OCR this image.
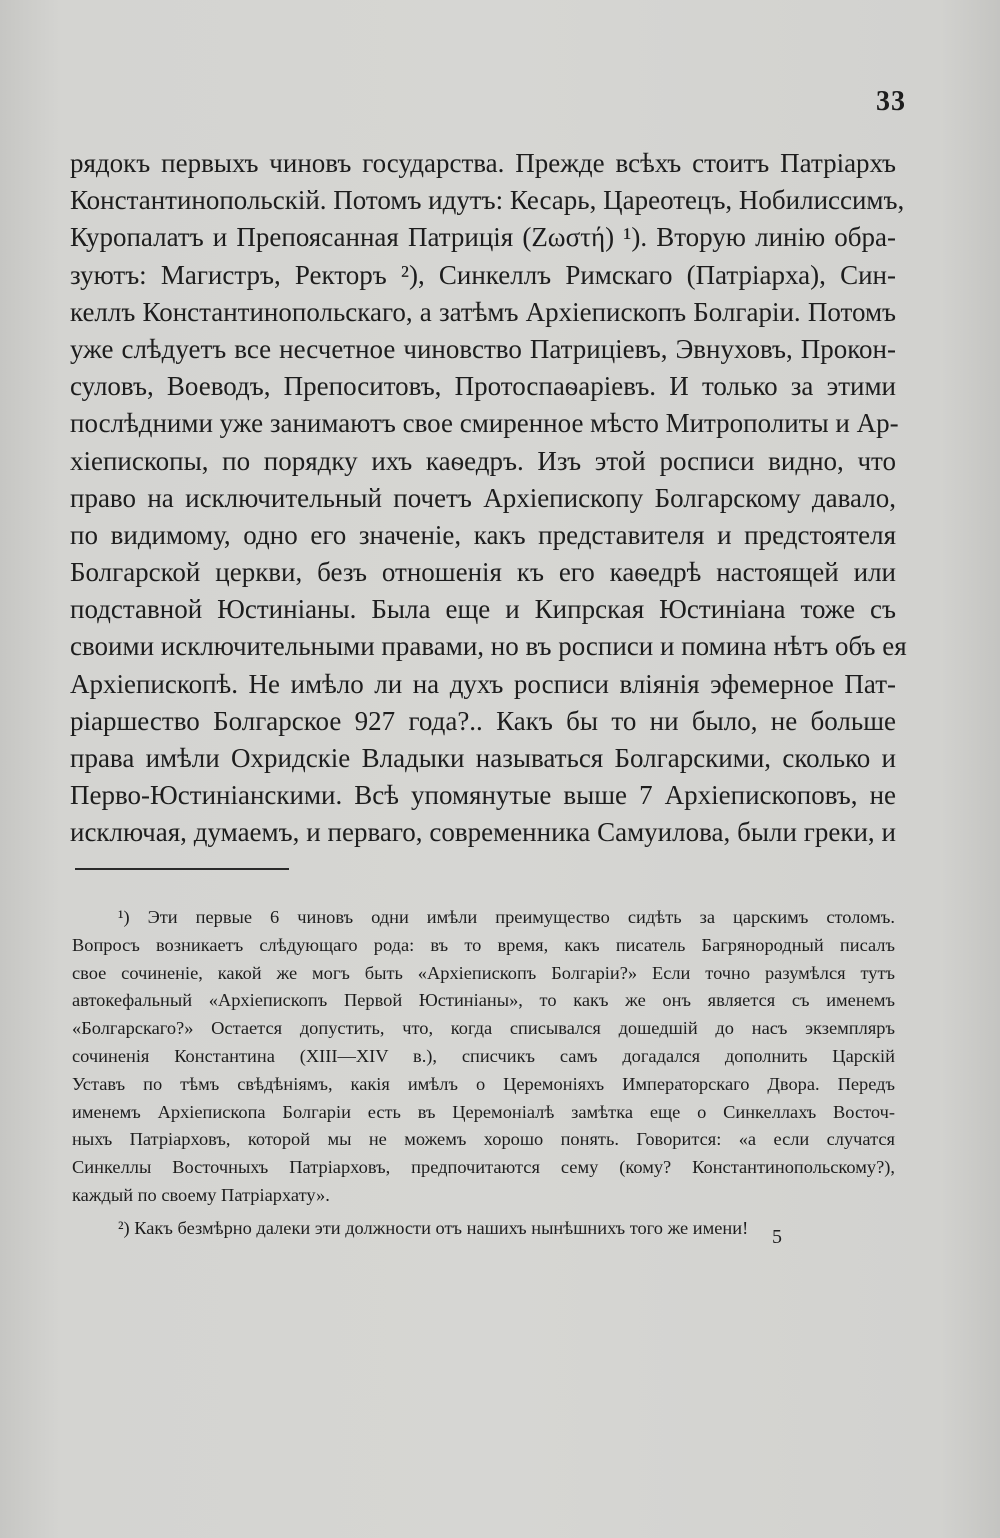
33
рядокъ первыхъ чиновъ государства. Прежде всѣхъ стоитъ Патріархъ
Константинопольскій. Потомъ идутъ: Кесарь, Цареотецъ, Нобилиссимъ,
Куропалатъ и Препоясанная Патриція (Ζωστή) ¹). Вторую линію обра-
зуютъ: Магистръ, Ректоръ ²), Синкеллъ Римскаго (Патріарха), Син-
келлъ Константинопольскаго, а затѣмъ Архіепископъ Болгаріи. Потомъ
уже слѣдуетъ все несчетное чиновство Патриціевъ, Эвнуховъ, Прокон-
суловъ, Воеводъ, Препоситовъ, Протоспаѳаріевъ. И только за этими
послѣдними уже занимаютъ свое смиренное мѣсто Митрополиты и Ар-
хіепископы, по порядку ихъ каѳедръ. Изъ этой росписи видно, что
право на исключительный почетъ Архіепископу Болгарскому давало,
по видимому, одно его значеніе, какъ представителя и предстоятеля
Болгарской церкви, безъ отношенія къ его каѳедрѣ настоящей или
подставной Юстиніаны. Была еще и Кипрская Юстиніана тоже съ
своими исключительными правами, но въ росписи и помина нѣтъ объ ея
Архіепископѣ. Не имѣло ли на духъ росписи вліянія эфемерное Пат-
ріаршество Болгарское 927 года?.. Какъ бы то ни было, не больше
права имѣли Охридскіе Владыки называться Болгарскими, сколько и
Перво-Юстиніанскими. Всѣ упомянутые выше 7 Архіепископовъ, не
исключая, думаемъ, и перваго, современника Самуилова, были греки, и
¹) Эти первые 6 чиновъ одни имѣли преимущество сидѣть за царскимъ столомъ.
Вопросъ возникаетъ слѣдующаго рода: въ то время, какъ писатель Багрянородный писалъ
свое сочиненіе, какой же могъ быть «Архіепископъ Болгаріи?» Если точно разумѣлся тутъ
автокефальный «Архіепископъ Первой Юстиніаны», то какъ же онъ является съ именемъ
«Болгарскаго?» Остается допустить, что, когда списывался дошедшій до насъ экземпляръ
сочиненія Константина (XIII—XIV в.), списчикъ самъ догадался дополнить Царскій
Уставъ по тѣмъ свѣдѣніямъ, какія имѣлъ о Церемоніяхъ Императорскаго Двора. Передъ
именемъ Архіепископа Болгаріи есть въ Церемоніалѣ замѣтка еще о Синкеллахъ Восточ-
ныхъ Патріарховъ, которой мы не можемъ хорошо понять. Говорится: «а если случатся
Синкеллы Восточныхъ Патріарховъ, предпочитаются сему (кому? Константинопольскому?),
каждый по своему Патріархату».
²) Какъ безмѣрно далеки эти должности отъ нашихъ нынѣшнихъ того же имени!	5
